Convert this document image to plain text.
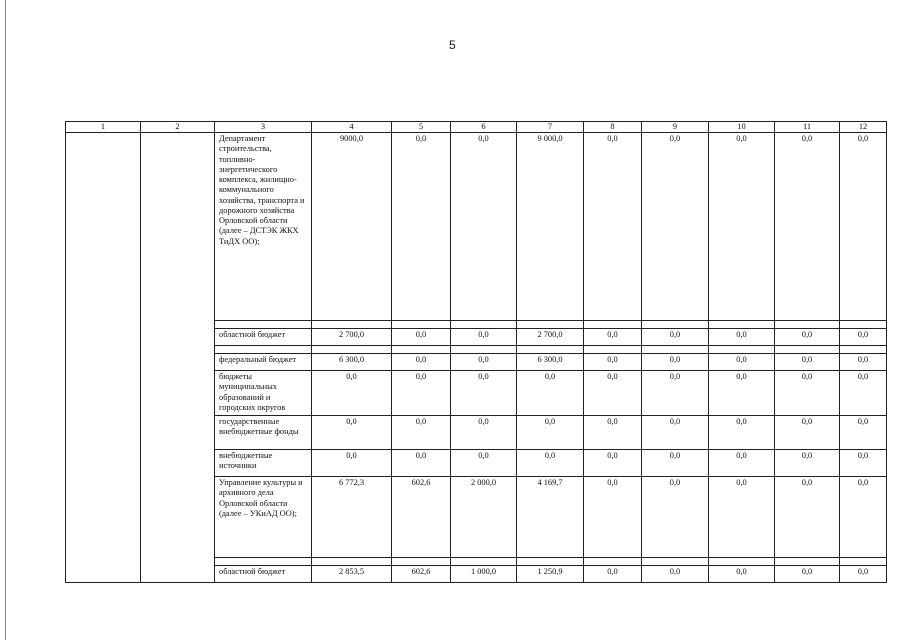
5
1	2	3	4	5	6	7	8	9	10	11	12
		Департамент строительства, топливно-энергетического комплекса, жилищно-коммунального хозяйства, транспорта и дорожного хозяйства Орловской области (далее – ДСТЭК ЖКХ ТиДХ ОО);	9000,0	0,0	0,0	9 000,0	0,0	0,0	0,0	0,0	0,0

		областной бюджет	2 700,0	0,0	0,0	2 700,0	0,0	0,0	0,0	0,0	0,0

		федеральный бюджет	6 300,0	0,0	0,0	6 300,0	0,0	0,0	0,0	0,0	0,0
		бюджеты муниципальных образований и городских округов	0,0	0,0	0,0	0,0	0,0	0,0	0,0	0,0	0,0
		государственные внебюджетные фонды	0,0	0,0	0,0	0,0	0,0	0,0	0,0	0,0	0,0
		внебюджетные источники	0,0	0,0	0,0	0,0	0,0	0,0	0,0	0,0	0,0
		Управление культуры и архивного дела Орловской области (далее – УКиАД ОО);	6 772,3	602,6	2 000,0	4 169,7	0,0	0,0	0,0	0,0	0,0

		областной бюджет	2 853,5	602,6	1 000,0	1 250,9	0,0	0,0	0,0	0,0	0,0
